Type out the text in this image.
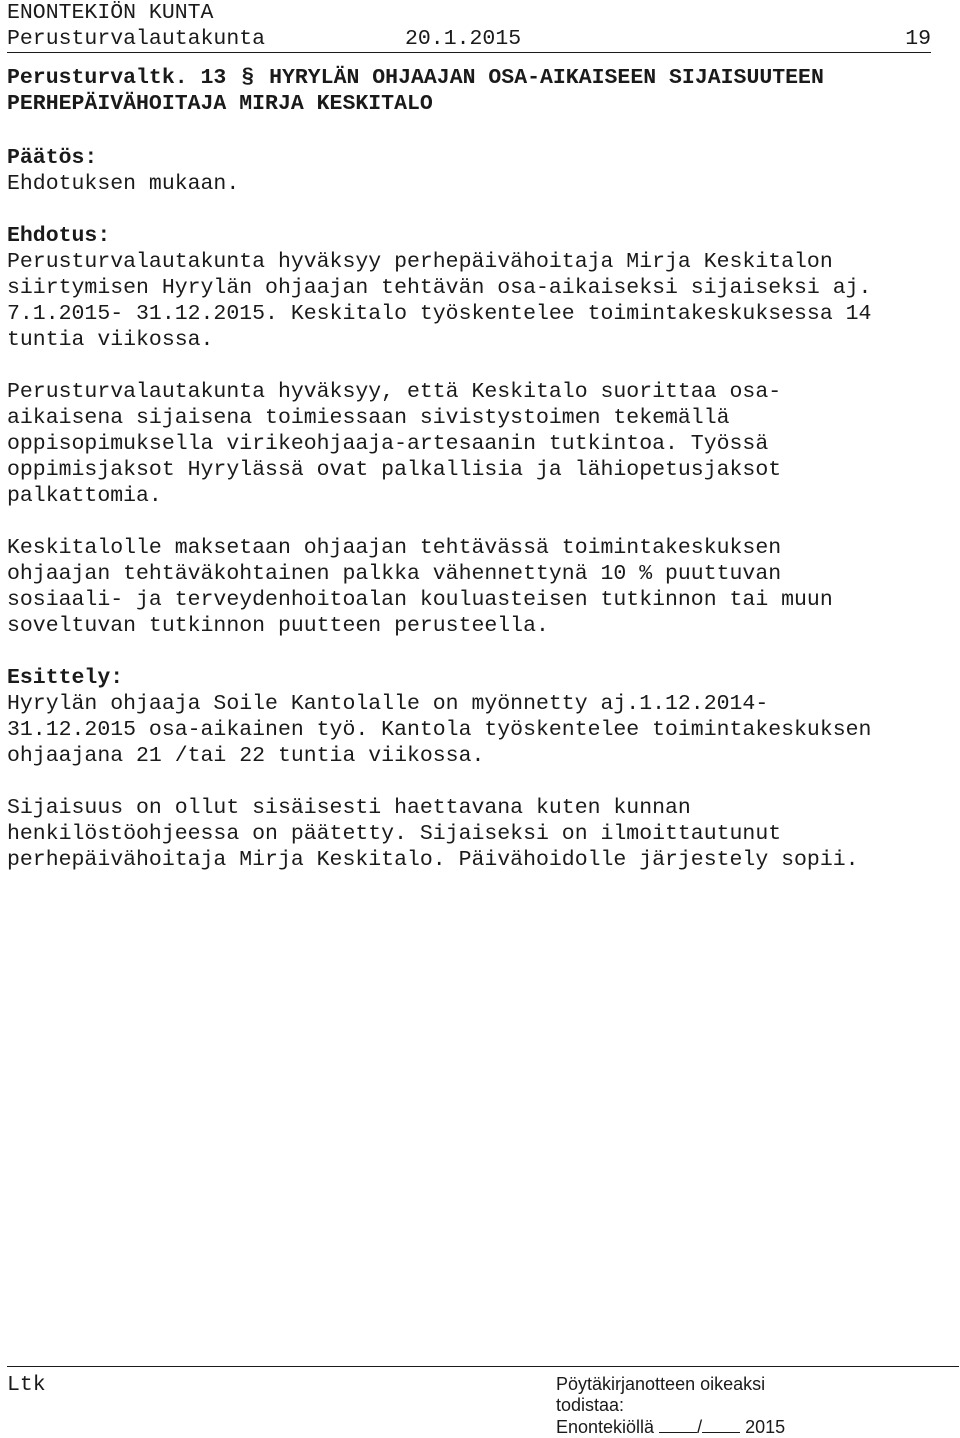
ENONTEKIÖN KUNTA
Perusturvalautakunta	20.1.2015	19
Perusturvaltk. 13 § HYRYLÄN OHJAAJAN OSA-AIKAISEEN SIJAISUUTEEN
PERHEPÄIVÄHOITAJA MIRJA KESKITALO
Päätös:
Ehdotuksen mukaan.
Ehdotus:
Perusturvalautakunta hyväksyy perhepäivähoitaja Mirja Keskitalon
siirtymisen Hyrylän ohjaajan tehtävän osa-aikaiseksi sijaiseksi aj.
7.1.2015- 31.12.2015. Keskitalo työskentelee toimintakeskuksessa 14
tuntia viikossa.
Perusturvalautakunta hyväksyy, että Keskitalo suorittaa osa-
aikaisena sijaisena toimiessaan sivistystoimen tekemällä
oppisopimuksella virikeohjaaja-artesaanin tutkintoa. Työssä
oppimisjaksot Hyrylässä ovat palkallisia ja lähiopetusjaksot
palkattomia.
Keskitalolle maksetaan ohjaajan tehtävässä toimintakeskuksen
ohjaajan tehtäväkohtainen palkka vähennettynä 10 % puuttuvan
sosiaali- ja terveydenhoitoalan kouluasteisen tutkinnon tai muun
soveltuvan tutkinnon puutteen perusteella.
Esittely:
Hyrylän ohjaaja Soile Kantolalle on myönnetty aj.1.12.2014-
31.12.2015 osa-aikainen työ. Kantola työskentelee toimintakeskuksen
ohjaajana 21 /tai 22 tuntia viikossa.
Sijaisuus on ollut sisäisesti haettavana kuten kunnan
henkilöstöohjeessa on päätetty. Sijaiseksi on ilmoittautunut
perhepäivähoitaja Mirja Keskitalo. Päivähoidolle järjestely sopii.
Ltk	Pöytäkirjanotteen oikeaksi
todistaa:
Enontekiöllä / 2015
